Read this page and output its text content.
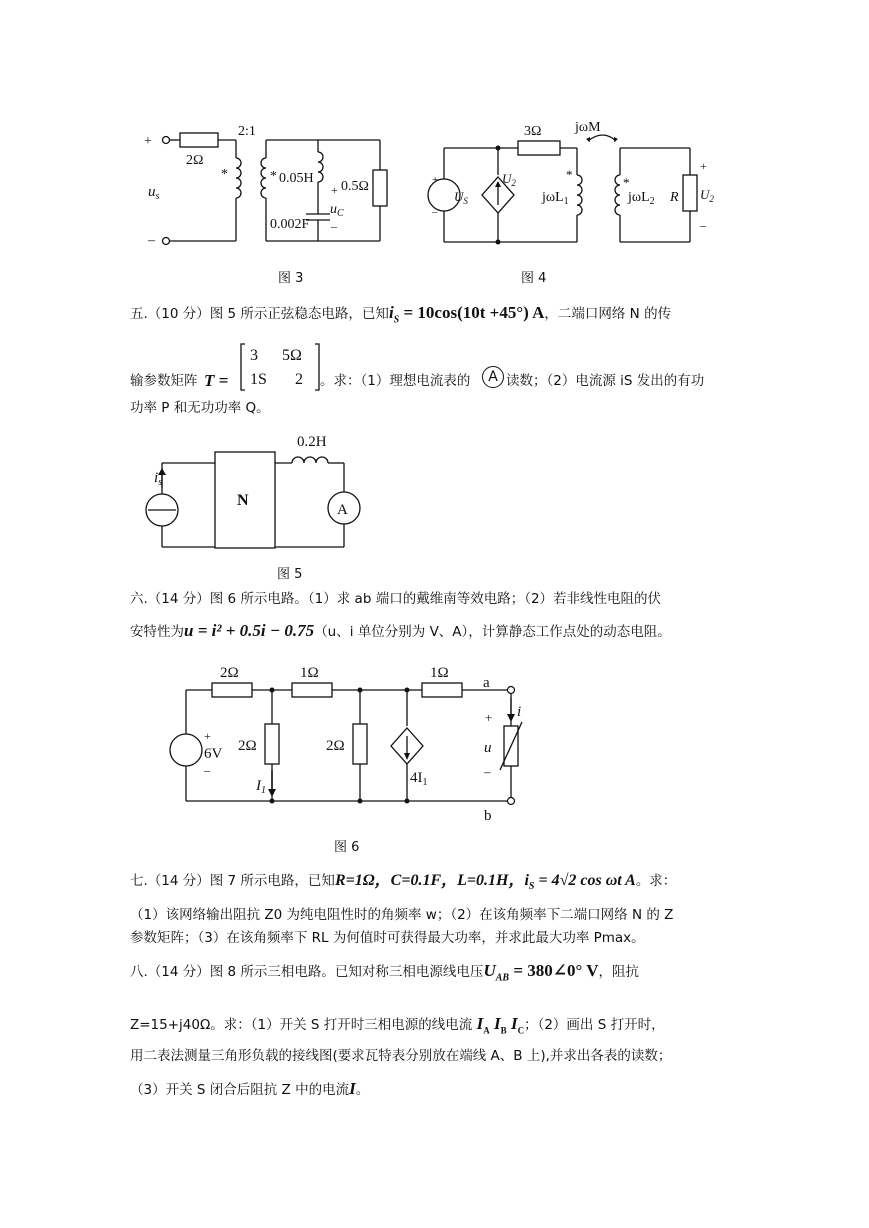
+
–
2Ω
2:1
$u_s$
*	* 0.05H
+ 0.5Ω
$u_C$
–
0.002F
图 3
3Ω jωM
+
–
$U_S$
$U_2$
*
jωL$_1$
*
jωL$_2$ R
+
$U_2$
–
图 4
五.（10 分）图 5 所示正弦稳态电路，已知$i_S = 10\cos(10t +45^\circ)$ A，二端口网络 N 的传
输参数矩阵 T =
3 5Ω
1S 2 。求：（1）理想电流表的	A 读数；（2）电流源 iS 发出的有功
功率 P 和无功功率 Q。
$i_s$
N
0.2H
A
图 5
六.（14 分）图 6 所示电路。（1）求 ab 端口的戴维南等效电路；（2）若非线性电阻的伏
安特性为u = i² + 0.5i − 0.75（u、i 单位分别为 V、A），计算静态工作点处的动态电阻。
2Ω	1Ω	1Ω
2Ω	2Ω
+
6V
–
$I_1$
$4I_1$
a
b
+
u
–
i
图 6
七.（14 分）图 7 所示电路，已知R=1Ω，C=0.1F，L=0.1H，$i_S = 4√2$ cos ωt A。求：
（1）该网络输出阻抗 Z0 为纯电阻性时的角频率 w；（2）在该角频率下二端口网络 N 的 Z
参数矩阵；（3）在该角频率下 RL 为何值时可获得最大功率，并求此最大功率 Pmax。
八.（14 分）图 8 所示三相电路。已知对称三相电源线电压$U_{AB}$ = 380∠0° V，阻抗
Z=15+j40Ω。求：（1）开关 S 打开时三相电源的线电流 $I_A$ $I_B$ $I_C$；（2）画出 S 打开时，
用二表法测量三角形负载的接线图(要求瓦特表分别放在端线 A、B 上),并求出各表的读数；
（3）开关 S 闭合后阻抗 Z 中的电流I。
